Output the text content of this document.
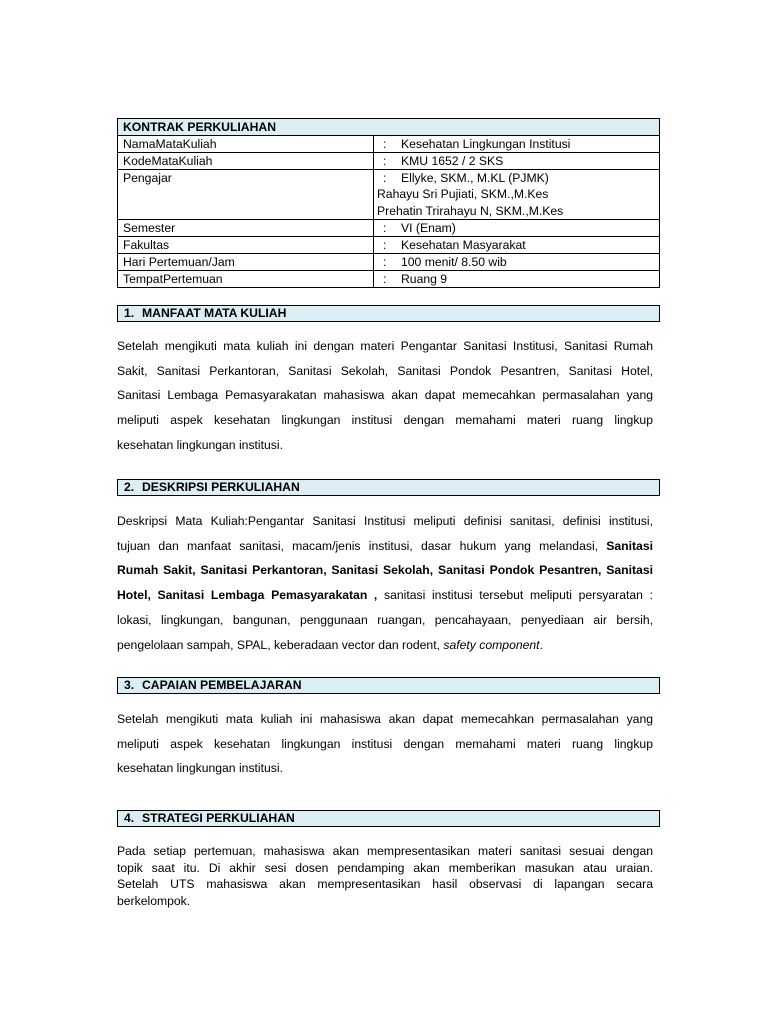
KONTRAK PERKULIAHAN
NamaMataKuliah	: Kesehatan Lingkungan Institusi
KodeMataKuliah	: KMU 1652 / 2 SKS
Pengajar	: Ellyke, SKM., M.KL (PJMK)
Rahayu Sri Pujiati, SKM.,M.Kes
Prehatin Trirahayu N, SKM.,M.Kes
Semester	: VI (Enam)
Fakultas	: Kesehatan Masyarakat
Hari Pertemuan/Jam	: 100 menit/ 8.50 wib
TempatPertemuan	: Ruang 9
1. MANFAAT MATA KULIAH
Setelah mengikuti mata kuliah ini dengan materi Pengantar Sanitasi Institusi, Sanitasi Rumah
Sakit, Sanitasi Perkantoran, Sanitasi Sekolah, Sanitasi Pondok Pesantren, Sanitasi Hotel,
Sanitasi Lembaga Pemasyarakatan mahasiswa akan dapat memecahkan permasalahan yang
meliputi aspek kesehatan lingkungan institusi dengan memahami materi ruang lingkup
kesehatan lingkungan institusi.
2. DESKRIPSI PERKULIAHAN
Deskripsi Mata Kuliah:Pengantar Sanitasi Institusi meliputi definisi sanitasi, definisi institusi,
tujuan dan manfaat sanitasi, macam/jenis institusi, dasar hukum yang melandasi, Sanitasi
Rumah Sakit, Sanitasi Perkantoran, Sanitasi Sekolah, Sanitasi Pondok Pesantren, Sanitasi
Hotel, Sanitasi Lembaga Pemasyarakatan , sanitasi institusi tersebut meliputi persyaratan :
lokasi, lingkungan, bangunan, penggunaan ruangan, pencahayaan, penyediaan air bersih,
pengelolaan sampah, SPAL, keberadaan vector dan rodent, safety component.
3. CAPAIAN PEMBELAJARAN
Setelah mengikuti mata kuliah ini mahasiswa akan dapat memecahkan permasalahan yang
meliputi aspek kesehatan lingkungan institusi dengan memahami materi ruang lingkup
kesehatan lingkungan institusi.
4. STRATEGI PERKULIAHAN
Pada setiap pertemuan, mahasiswa akan mempresentasikan materi sanitasi sesuai dengan
topik saat itu. Di akhir sesi dosen pendamping akan memberikan masukan atau uraian.
Setelah UTS mahasiswa akan mempresentasikan hasil observasi di lapangan secara
berkelompok.
